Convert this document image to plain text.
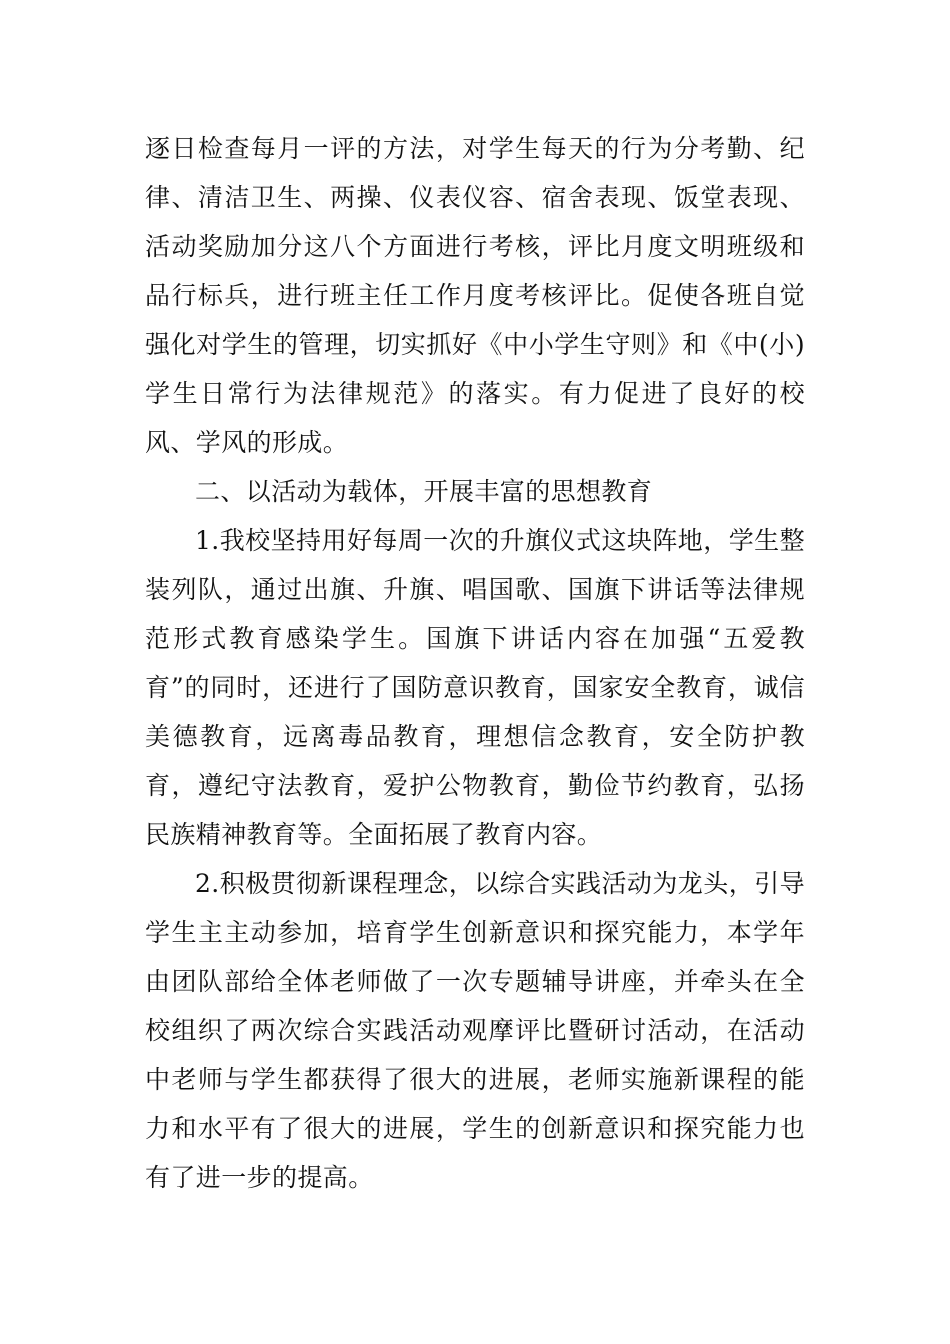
逐日检查每月一评的方法，对学生每天的行为分考勤、纪律、清洁卫生、两操、仪表仪容、宿舍表现、饭堂表现、活动奖励加分这八个方面进行考核，评比月度文明班级和品行标兵，进行班主任工作月度考核评比。促使各班自觉强化对学生的管理，切实抓好《中小学生守则》和《中(小)学生日常行为法律规范》的落实。有力促进了良好的校风、学风的形成。

二、以活动为载体，开展丰富的思想教育

1.我校坚持用好每周一次的升旗仪式这块阵地，学生整装列队，通过出旗、升旗、唱国歌、国旗下讲话等法律规范形式教育感染学生。国旗下讲话内容在加强“五爱教育”的同时，还进行了国防意识教育，国家安全教育，诚信美德教育，远离毒品教育，理想信念教育，安全防护教育，遵纪守法教育，爱护公物教育，勤俭节约教育，弘扬民族精神教育等。全面拓展了教育内容。

2.积极贯彻新课程理念，以综合实践活动为龙头，引导学生主主动参加，培育学生创新意识和探究能力，本学年由团队部给全体老师做了一次专题辅导讲座，并牵头在全校组织了两次综合实践活动观摩评比暨研讨活动，在活动中老师与学生都获得了很大的进展，老师实施新课程的能力和水平有了很大的进展，学生的创新意识和探究能力也有了进一步的提高。
